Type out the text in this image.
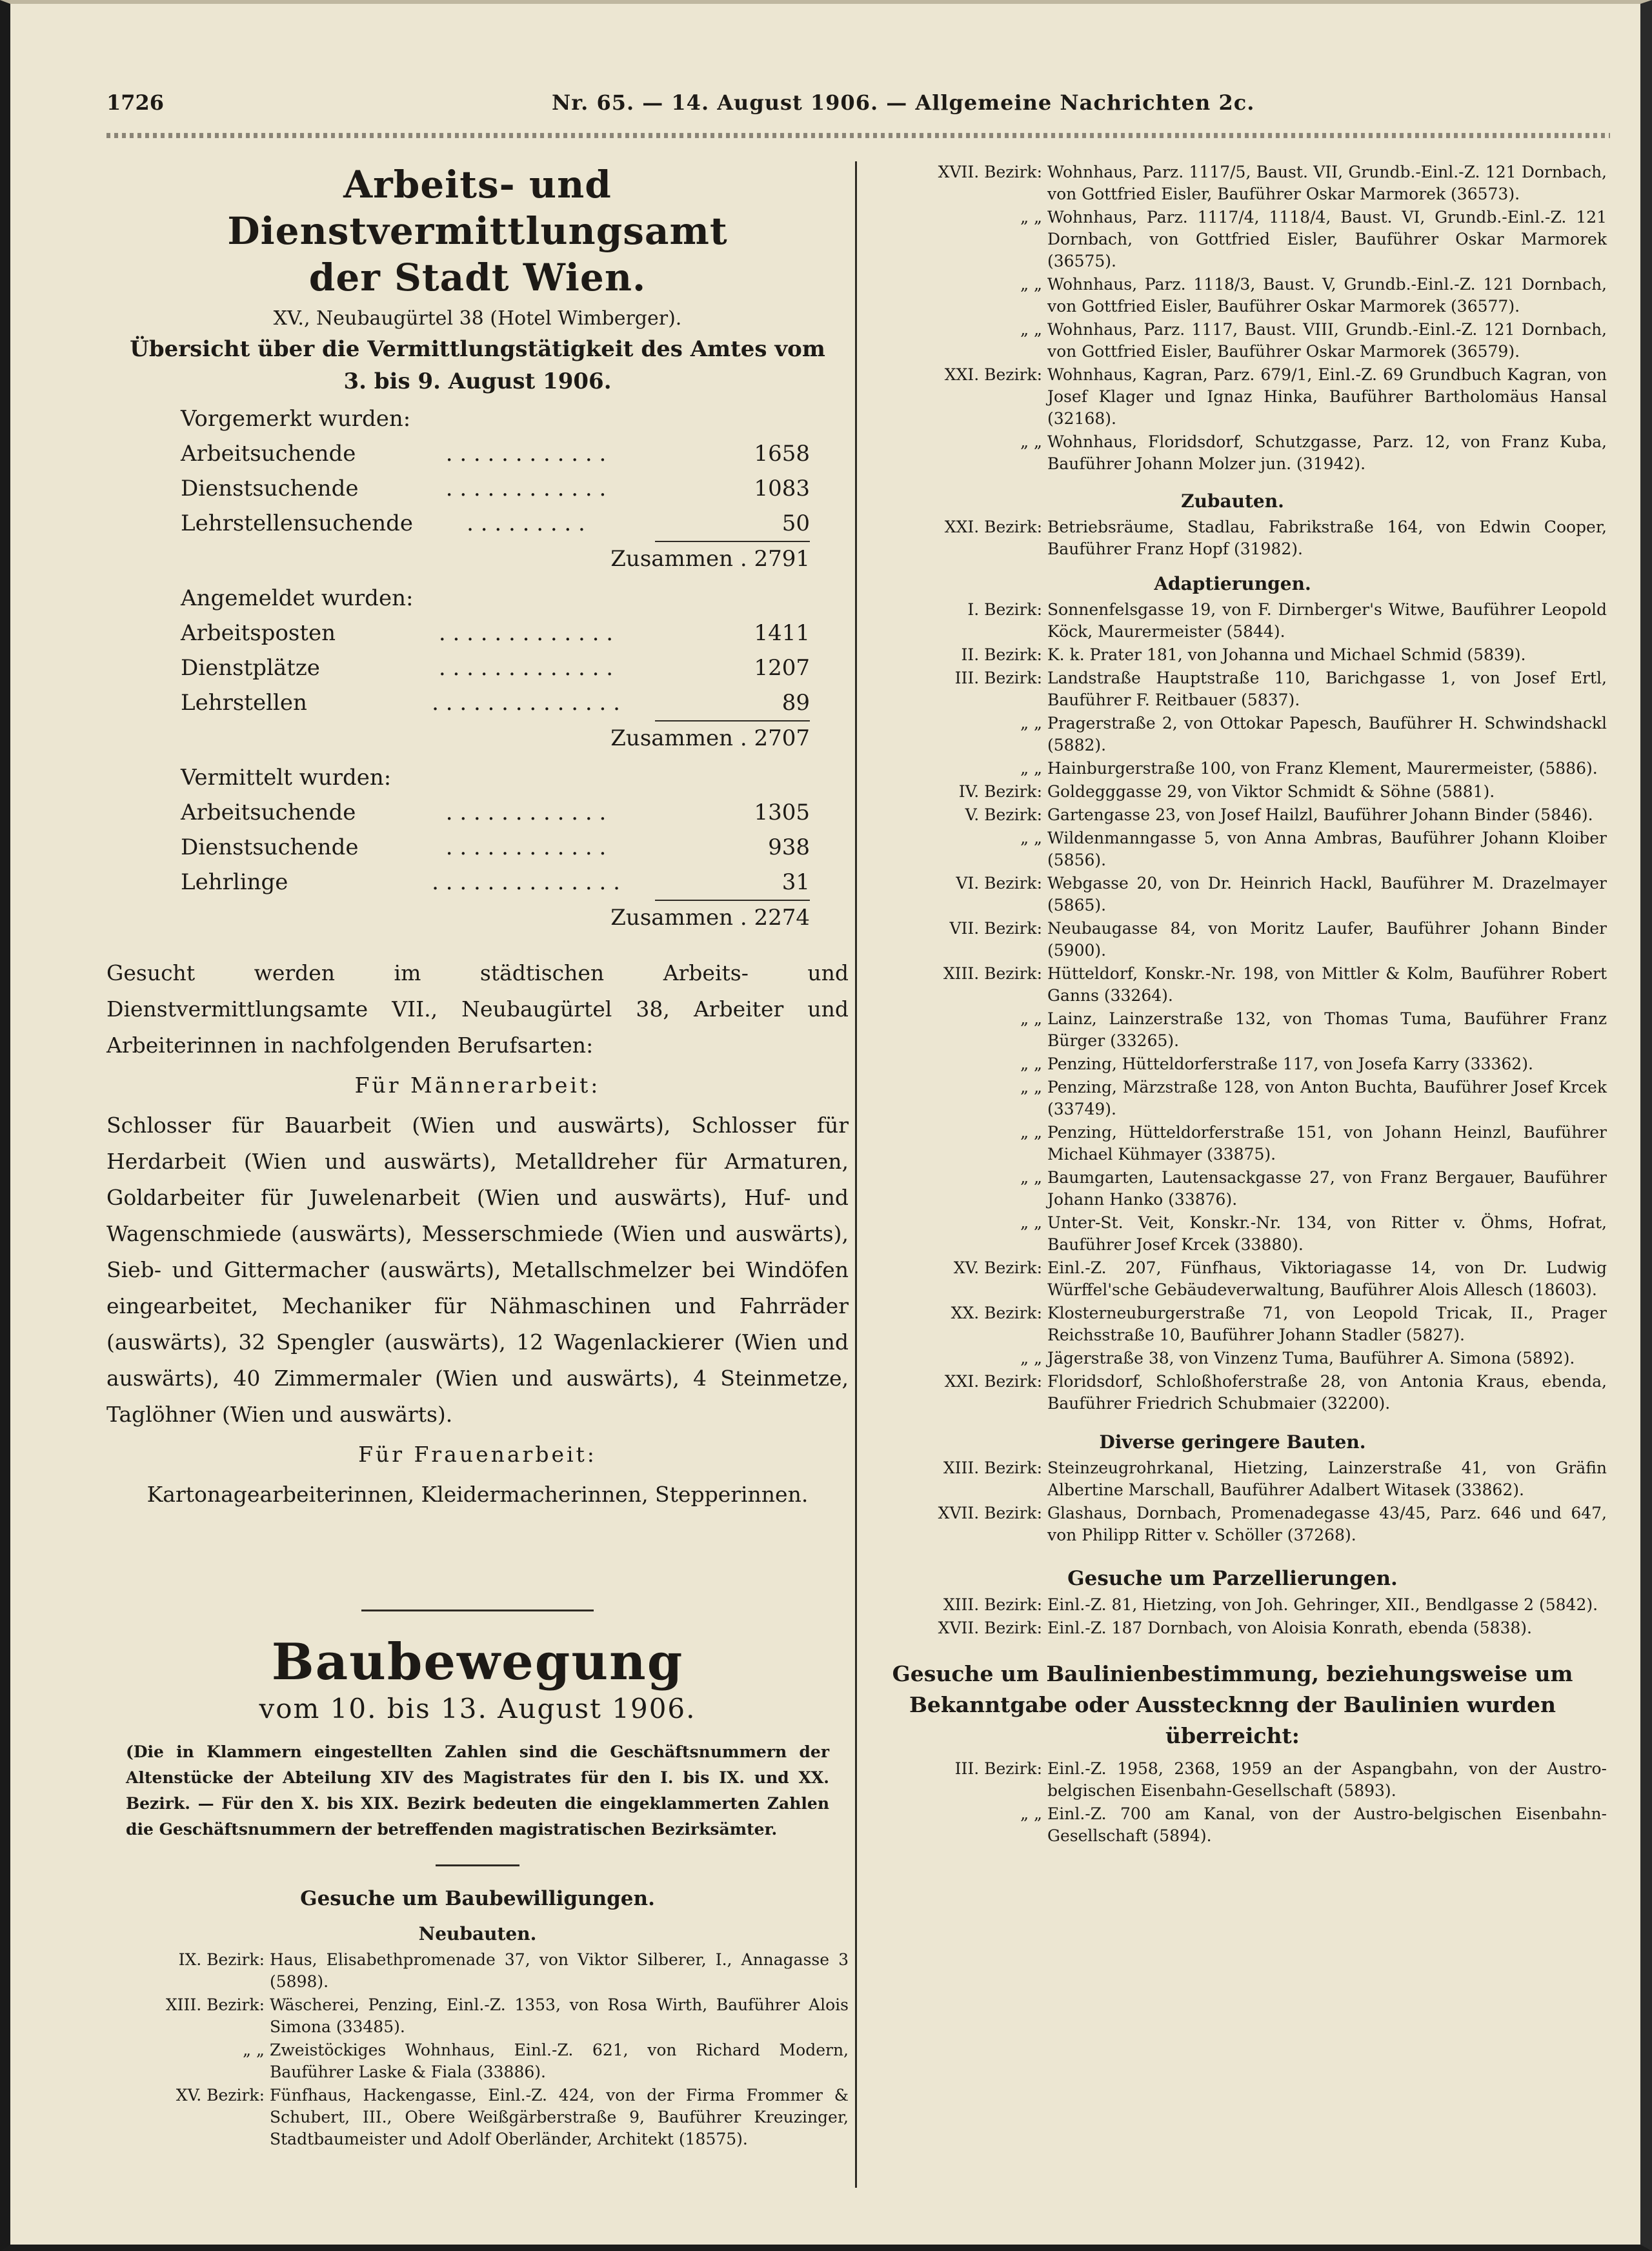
1726	Nr. 65. — 14. August 1906. — Allgemeine Nachrichten 2c.
Arbeits- und Dienstvermittlungsamt
der Stadt Wien.
XV., Neubaugürtel 38 (Hotel Wimberger).
Übersicht über die Vermittlungstätigkeit des Amtes vom
3. bis 9. August 1906.
Vorgemerkt wurden:
. . . . . . . . . . . .
Arbeitsuchende	1658
. . . . . . . . . . . .
Dienstsuchende	1083
. . . . . . . . .
Lehrstellensuchende	50
Zusammen . 2791
Angemeldet wurden:
. . . . . . . . . . . . .
Arbeitsposten	1411
. . . . . . . . . . . . .
Dienstplätze	1207
. . . . . . . . . . . . . .
Lehrstellen	89
Zusammen . 2707
Vermittelt wurden:
. . . . . . . . . . . .
Arbeitsuchende	1305
. . . . . . . . . . . .
Dienstsuchende	938
. . . . . . . . . . . . . .
Lehrlinge	31
Zusammen . 2274
Gesucht werden im städtischen Arbeits- und Dienstvermittlungsamte VII., Neubaugürtel 38, Arbeiter und Arbeiterinnen in nachfolgenden Berufsarten:
Für Männerarbeit:
Schlosser für Bauarbeit (Wien und auswärts), Schlosser für Herdarbeit (Wien und auswärts), Metalldreher für Armaturen, Goldarbeiter für Juwelenarbeit (Wien und auswärts), Huf- und Wagenschmiede (auswärts), Messerschmiede (Wien und auswärts), Sieb- und Gittermacher (auswärts), Metallschmelzer bei Windöfen eingearbeitet, Mechaniker für Nähmaschinen und Fahrräder (auswärts), 32 Spengler (auswärts), 12 Wagenlackierer (Wien und auswärts), 40 Zimmermaler (Wien und auswärts), 4 Steinmetze, Taglöhner (Wien und auswärts).
Für Frauenarbeit:
Kartonagearbeiterinnen, Kleidermacherinnen, Stepperinnen.
Baubewegung
vom 10. bis 13. August 1906.
(Die in Klammern eingestellten Zahlen sind die Geschäftsnummern der Altenstücke der Abteilung XIV des Magistrates für den I. bis IX. und XX. Bezirk. — Für den X. bis XIX. Bezirk bedeuten die eingeklammerten Zahlen die Geschäftsnummern der betreffenden magistratischen Bezirksämter.
Gesuche um Baubewilligungen.
Neubauten.
IX. Bezirk: Haus, Elisabethpromenade 37, von Viktor Silberer, I., Annagasse 3 (5898).
XIII. Bezirk: Wäscherei, Penzing, Einl.-Z. 1353, von Rosa Wirth, Bauführer Alois Simona (33485).
„ „ Zweistöckiges Wohnhaus, Einl.-Z. 621, von Richard Modern, Bauführer Laske & Fiala (33886).
XV. Bezirk: Fünfhaus, Hackengasse, Einl.-Z. 424, von der Firma Frommer & Schubert, III., Obere Weißgärberstraße 9, Bauführer Kreuzinger, Stadtbaumeister und Adolf Oberländer, Architekt (18575).
XVII. Bezirk: Wohnhaus, Parz. 1117/5, Baust. VII, Grundb.-Einl.-Z. 121 Dornbach, von Gottfried Eisler, Bauführer Oskar Marmorek (36573).
„ „ Wohnhaus, Parz. 1117/4, 1118/4, Baust. VI, Grundb.-Einl.-Z. 121 Dornbach, von Gottfried Eisler, Bauführer Oskar Marmorek (36575).
„ „ Wohnhaus, Parz. 1118/3, Baust. V, Grundb.-Einl.-Z. 121 Dornbach, von Gottfried Eisler, Bauführer Oskar Marmorek (36577).
„ „ Wohnhaus, Parz. 1117, Baust. VIII, Grundb.-Einl.-Z. 121 Dornbach, von Gottfried Eisler, Bauführer Oskar Marmorek (36579).
XXI. Bezirk: Wohnhaus, Kagran, Parz. 679/1, Einl.-Z. 69 Grundbuch Kagran, von Josef Klager und Ignaz Hinka, Bauführer Bartholomäus Hansal (32168).
„ „ Wohnhaus, Floridsdorf, Schutzgasse, Parz. 12, von Franz Kuba, Bauführer Johann Molzer jun. (31942).
Zubauten.
XXI. Bezirk: Betriebsräume, Stadlau, Fabrikstraße 164, von Edwin Cooper, Bauführer Franz Hopf (31982).
Adaptierungen.
I. Bezirk: Sonnenfelsgasse 19, von F. Dirnberger's Witwe, Bauführer Leopold Köck, Maurermeister (5844).
II. Bezirk: K. k. Prater 181, von Johanna und Michael Schmid (5839).
III. Bezirk: Landstraße Hauptstraße 110, Barichgasse 1, von Josef Ertl, Bauführer F. Reitbauer (5837).
„ „ Pragerstraße 2, von Ottokar Papesch, Bauführer H. Schwindshackl (5882).
„ „ Hainburgerstraße 100, von Franz Klement, Maurermeister, (5886).
IV. Bezirk: Goldegggasse 29, von Viktor Schmidt & Söhne (5881).
V. Bezirk: Gartengasse 23, von Josef Hailzl, Bauführer Johann Binder (5846).
„ „ Wildenmanngasse 5, von Anna Ambras, Bauführer Johann Kloiber (5856).
VI. Bezirk: Webgasse 20, von Dr. Heinrich Hackl, Bauführer M. Drazelmayer (5865).
VII. Bezirk: Neubaugasse 84, von Moritz Laufer, Bauführer Johann Binder (5900).
XIII. Bezirk: Hütteldorf, Konskr.-Nr. 198, von Mittler & Kolm, Bauführer Robert Ganns (33264).
„ „ Lainz, Lainzerstraße 132, von Thomas Tuma, Bauführer Franz Bürger (33265).
„ „ Penzing, Hütteldorferstraße 117, von Josefa Karry (33362).
„ „ Penzing, Märzstraße 128, von Anton Buchta, Bauführer Josef Krcek (33749).
„ „ Penzing, Hütteldorferstraße 151, von Johann Heinzl, Bauführer Michael Kühmayer (33875).
„ „ Baumgarten, Lautensackgasse 27, von Franz Bergauer, Bauführer Johann Hanko (33876).
„ „ Unter-St. Veit, Konskr.-Nr. 134, von Ritter v. Öhms, Hofrat, Bauführer Josef Krcek (33880).
XV. Bezirk: Einl.-Z. 207, Fünfhaus, Viktoriagasse 14, von Dr. Ludwig Würffel'sche Gebäudeverwaltung, Bauführer Alois Allesch (18603).
XX. Bezirk: Klosterneuburgerstraße 71, von Leopold Tricak, II., Prager Reichsstraße 10, Bauführer Johann Stadler (5827).
„ „ Jägerstraße 38, von Vinzenz Tuma, Bauführer A. Simona (5892).
XXI. Bezirk: Floridsdorf, Schloßhoferstraße 28, von Antonia Kraus, ebenda, Bauführer Friedrich Schubmaier (32200).
Diverse geringere Bauten.
XIII. Bezirk: Steinzeugrohrkanal, Hietzing, Lainzerstraße 41, von Gräfin Albertine Marschall, Bauführer Adalbert Witasek (33862).
XVII. Bezirk: Glashaus, Dornbach, Promenadegasse 43/45, Parz. 646 und 647, von Philipp Ritter v. Schöller (37268).
Gesuche um Parzellierungen.
XIII. Bezirk: Einl.-Z. 81, Hietzing, von Joh. Gehringer, XII., Bendlgasse 2 (5842).
XVII. Bezirk: Einl.-Z. 187 Dornbach, von Aloisia Konrath, ebenda (5838).
Gesuche um Baulinienbestimmung, beziehungsweise um Bekanntgabe oder Ausstecknng der Baulinien wurden überreicht:
III. Bezirk: Einl.-Z. 1958, 2368, 1959 an der Aspangbahn, von der Austro-belgischen Eisenbahn-Gesellschaft (5893).
„ „ Einl.-Z. 700 am Kanal, von der Austro-belgischen Eisenbahn-Gesellschaft (5894).
